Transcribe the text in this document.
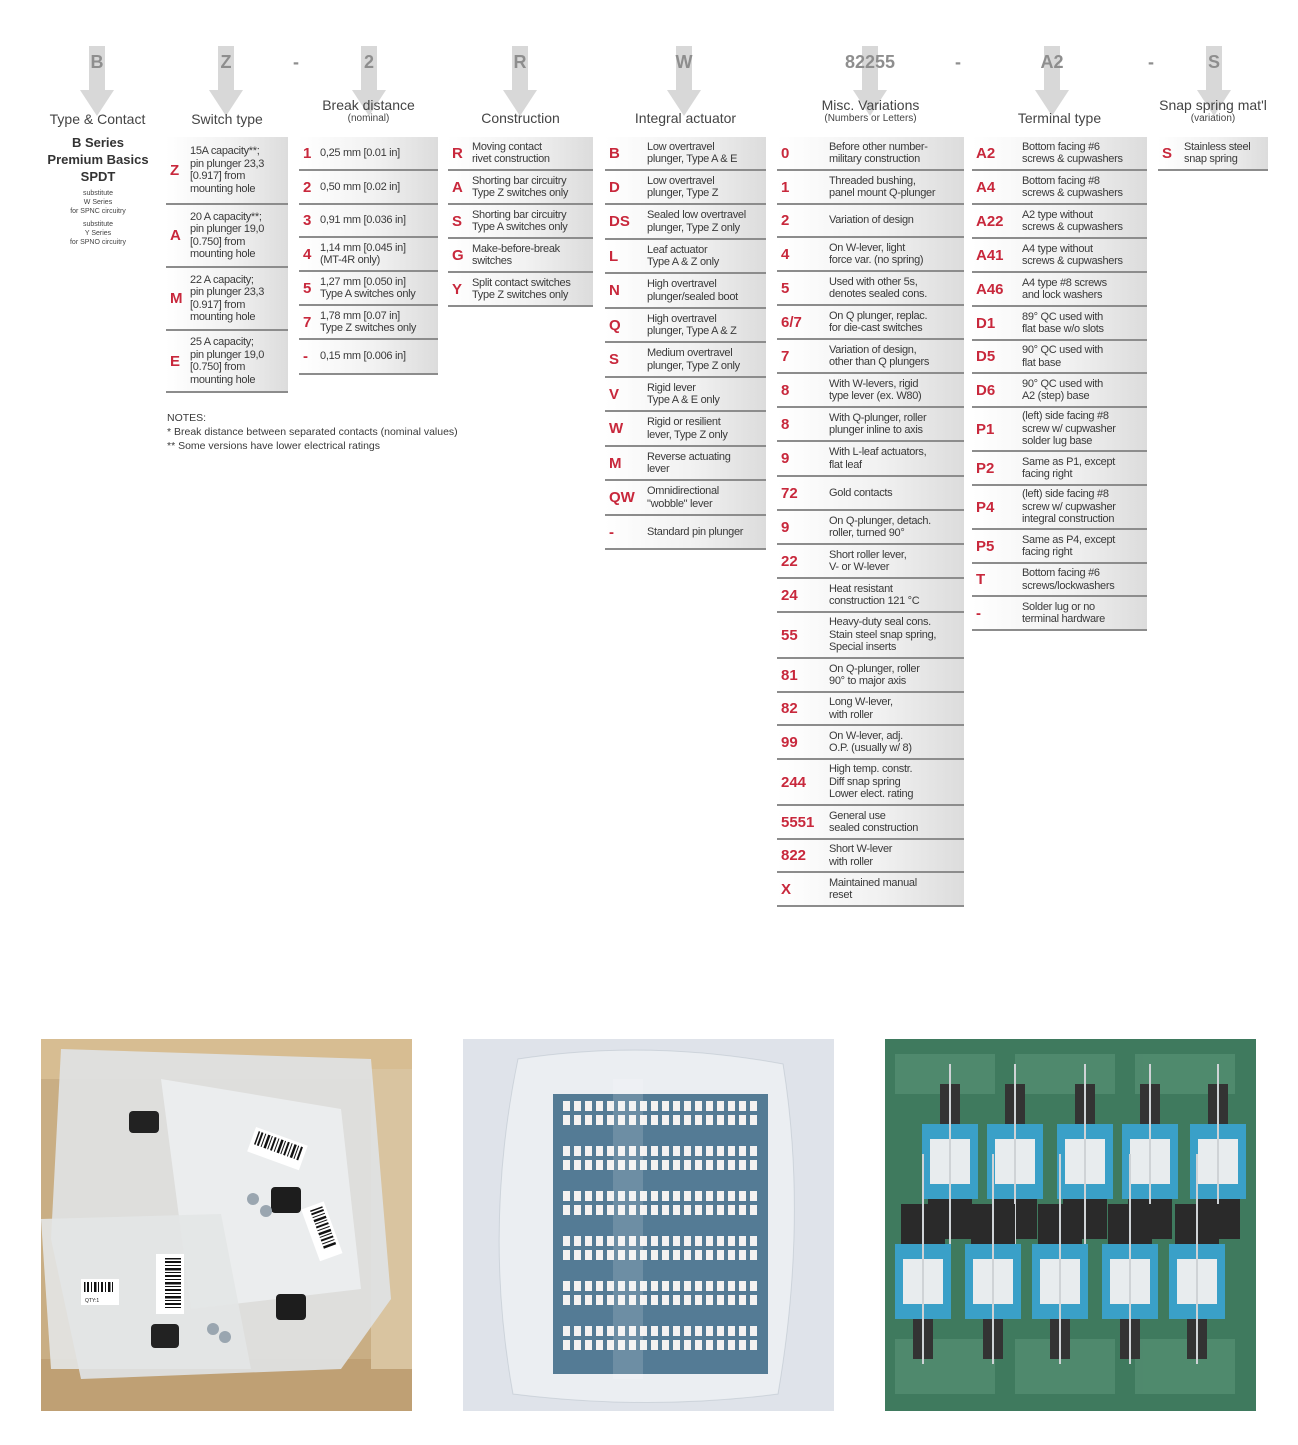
B	Z	-	2	R	W	82255	-	A2	-	S
Type & Contact
B Series
Premium Basics
SPDT
substitute
W Series
for SPNC circuitry
substitute
Y Series
for SPNO circuitry
Switch type
Z
15A capacity**;
pin plunger 23,3
[0.917] from
mounting hole
A
20 A capacity**;
pin plunger 19,0
[0.750] from
mounting hole
M
22 A capacity;
pin plunger 23,3
[0.917] from
mounting hole
E
25 A capacity;
pin plunger 19,0
[0.750] from
mounting hole
Break distance
(nominal)
1 0,25 mm [0.01 in]
2 0,50 mm [0.02 in]
3 0,91 mm [0.036 in]
4 1,14 mm [0.045 in]
(MT-4R only)
5 1,27 mm [0.050 in]
Type A switches only
7 1,78 mm [0.07 in]
Type Z switches only
-	0,15 mm [0.006 in]
Construction
R Moving contact
rivet construction
A Shorting bar circuitry
Type Z switches only
S Shorting bar circuitry
Type A switches only
G Make-before-break
switches
Y Split contact switches
Type Z switches only
Integral actuator
B	Low overtravel
plunger, Type A & E
D	Low overtravel
plunger, Type Z
DS	Sealed low overtravel
plunger, Type Z only
L	Leaf actuator
Type A & Z only
N	High overtravel
plunger/sealed boot
Q	High overtravel
plunger, Type A & Z
S	Medium overtravel
plunger, Type Z only
V	Rigid lever
Type A & E only
W	Rigid or resilient
lever, Type Z only
M	Reverse actuating
lever
QW	Omnidirectional
"wobble" lever
-	Standard pin plunger
Misc. Variations
(Numbers or Letters)
0	Before other number-
military construction
1	Threaded bushing,
panel mount Q-plunger
2	Variation of design
4	On W-lever, light
force var. (no spring)
5	Used with other 5s,
denotes sealed cons.
6/7	On Q plunger, replac.
for die-cast switches
7	Variation of design,
other than Q plungers
8	With W-levers, rigid
type lever (ex. W80)
8	With Q-plunger, roller
plunger inline to axis
9	With L-leaf actuators,
flat leaf
72	Gold contacts
9	On Q-plunger, detach.
roller, turned 90°
22	Short roller lever,
V- or W-lever
24	Heat resistant
construction 121 °C
55
Heavy-duty seal cons.
Stain steel snap spring,
Special inserts
81	On Q-plunger, roller
90° to major axis
82	Long W-lever,
with roller
99	On W-lever, adj.
O.P. (usually w/ 8)
244
High temp. constr.
Diff snap spring
Lower elect. rating
5551	General use
sealed construction
822	Short W-lever
with roller
X	Maintained manual
reset
Terminal type
A2	Bottom facing #6
screws & cupwashers
A4	Bottom facing #8
screws & cupwashers
A22	A2 type without
screws & cupwashers
A41	A4 type without
screws & cupwashers
A46	A4 type #8 screws
and lock washers
D1	89° QC used with
flat base w/o slots
D5	90° QC used with
flat base
D6	90° QC used with
A2 (step) base
P1
(left) side facing #8
screw w/ cupwasher
solder lug base
P2	Same as P1, except
facing right
P4
(left) side facing #8
screw w/ cupwasher
integral construction
P5	Same as P4, except
facing right
T	Bottom facing #6
screws/lockwashers
-	Solder lug or no
terminal hardware
Snap spring mat'l
(variation)
S	Stainless steel
snap spring
NOTES:
* Break distance between separated contacts (nominal values)
** Some versions have lower electrical ratings
QTY:1
